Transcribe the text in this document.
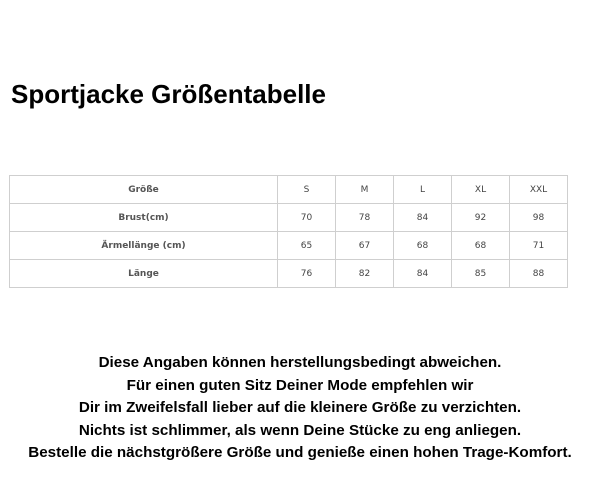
Sportjacke Größentabelle
Größe	S	M	L	XL	XXL
Brust(cm)	70	78	84	92	98
Ärmellänge (cm)	65	67	68	68	71
Länge	76	82	84	85	88
Diese Angaben können herstellungsbedingt abweichen.
Für einen guten Sitz Deiner Mode empfehlen wir
Dir im Zweifelsfall lieber auf die kleinere Größe zu verzichten.
Nichts ist schlimmer, als wenn Deine Stücke zu eng anliegen.
Bestelle die nächstgrößere Größe und genieße einen hohen Trage-Komfort.
